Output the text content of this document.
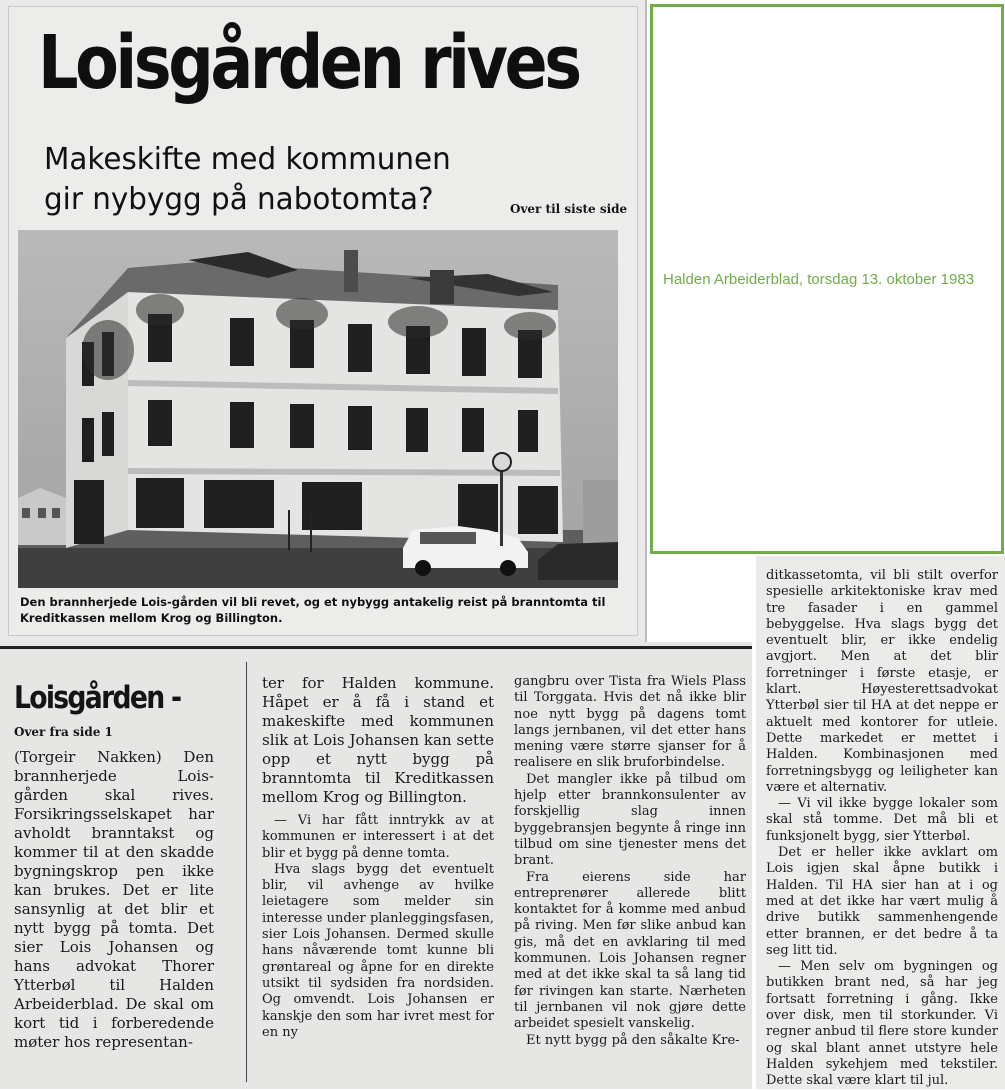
Loisgården rives
Makeskifte med kommunen
gir nybygg på nabotomta?	Over til siste side
Den brannherjede Lois-gården vil bli revet, og et nybygg antakelig reist på branntomta til Kreditkassen mellom Krog og Billington.
Halden Arbeiderblad, torsdag 13. oktober 1983
Loisgården -
Over fra side 1

(Torgeir Nakken) Den brannherjede Lois- gården skal rives. Forsikringsselskapet har avholdt branntakst og kommer til at den skadde bygningskrop pen ikke kan brukes. Det er lite sansynlig at det blir et nytt bygg på tomta. Det sier Lois Johansen og hans advokat Thorer Ytterbøl til Halden Arbeiderblad. De skal om kort tid i forberedende møter hos representan-

ter for Halden kommune. Håpet er å få i stand et makeskifte med kommunen slik at Lois Johansen kan sette opp et nytt bygg på branntomta til Kreditkassen mellom Krog og Billington.

— Vi har fått inntrykk av at kommunen er interessert i at det blir et bygg på denne tomta.

Hva slags bygg det eventuelt blir, vil avhenge av hvilke leietagere som melder sin interesse under planleggingsfasen, sier Lois Johansen. Dermed skulle hans nåværende tomt kunne bli grøntareal og åpne for en direkte utsikt til sydsiden fra nordsiden. Og omvendt. Lois Johansen er kanskje den som har ivret mest for en ny

gangbru over Tista fra Wiels Plass til Torggata. Hvis det nå ikke blir noe nytt bygg på dagens tomt langs jernbanen, vil det etter hans mening være større sjanser for å realisere en slik bruforbindelse.

Det mangler ikke på tilbud om hjelp etter brannkonsulenter av forskjellig slag innen byggebransjen begynte å ringe inn tilbud om sine tjenester mens det brant.

Fra eierens side har entreprenører allerede blitt kontaktet for å komme med anbud på riving. Men før slike anbud kan gis, må det en avklaring til med kommunen. Lois Johansen regner med at det ikke skal ta så lang tid før rivingen kan starte. Nærheten til jernbanen vil nok gjøre dette arbeidet spesielt vanskelig.

Et nytt bygg på den såkalte Kre-

ditkassetomta, vil bli stilt overfor spesielle arkitektoniske krav med tre fasader i en gammel bebyggelse. Hva slags bygg det eventuelt blir, er ikke endelig avgjort. Men at det blir forretninger i første etasje, er klart. Høyesterettsadvokat Ytterbøl sier til HA at det neppe er aktuelt med kontorer for utleie. Dette markedet er mettet i Halden. Kombinasjonen med forretningsbygg og leiligheter kan være et alternativ.

— Vi vil ikke bygge lokaler som skal stå tomme. Det må bli et funksjonelt bygg, sier Ytterbøl.

Det er heller ikke avklart om Lois igjen skal åpne butikk i Halden. Til HA sier han at i og med at det ikke har vært mulig å drive butikk sammenhengende etter brannen, er det bedre å ta seg litt tid.

— Men selv om bygningen og butikken brant ned, så har jeg fortsatt forretning i gång. Ikke over disk, men til storkunder. Vi regner anbud til flere store kunder og skal blant annet utstyre hele Halden sykehjem med tekstiler. Dette skal være klart til jul.
